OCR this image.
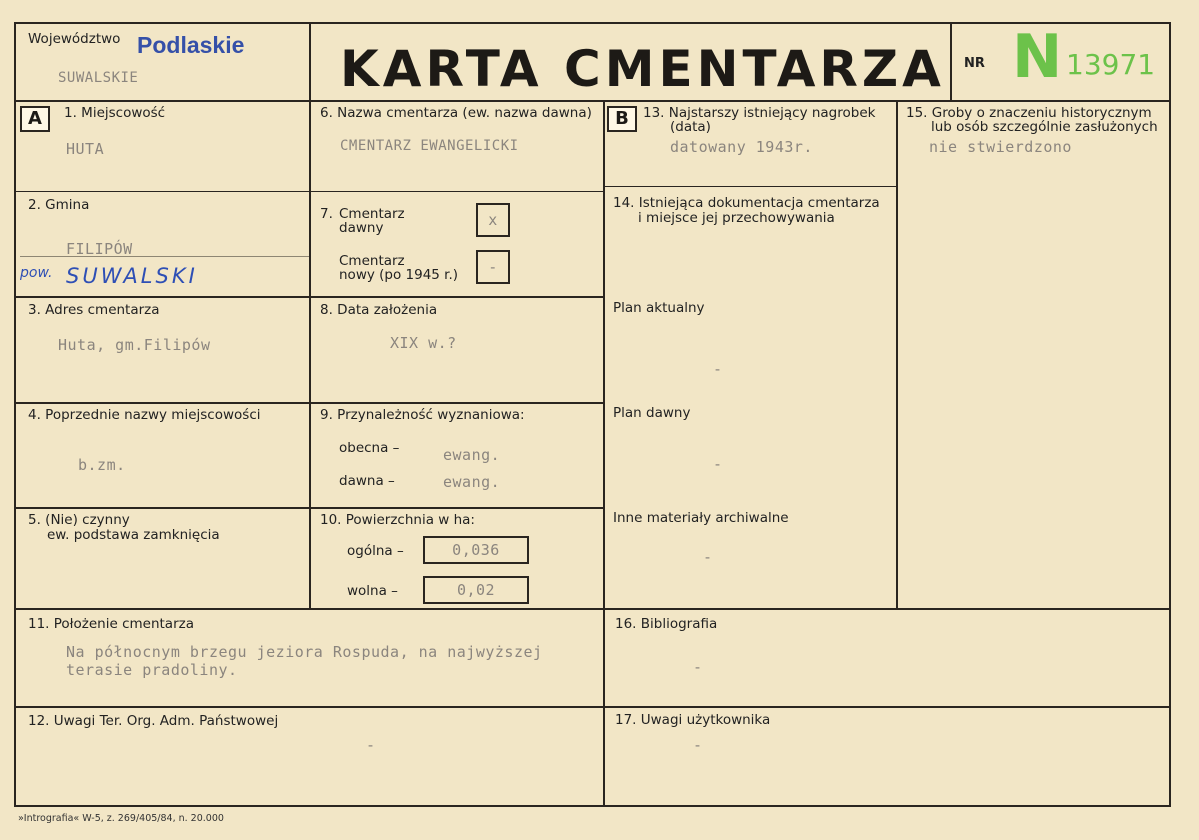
Województwo Podlaskie
SUWALSKIE	KARTA CMENTARZA NR N 13971
A	B
1. Miejscowość
HUTA
2. Gmina
FILIPÓW
pow. SUWALSKI
3. Adres cmentarza
Huta, gm.Filipów
4. Poprzednie nazwy miejscowości
b.zm.
5. (Nie) czynny
ew. podstawa zamknięcia
6. Nazwa cmentarza (ew. nazwa dawna)
CMENTARZ EWANGELICKI
7. Cmentarz
dawny	x
Cmentarz
nowy (po 1945 r.)	-
8. Data założenia
XIX w.?
9. Przynależność wyznaniowa:
obecna –	ewang.
dawna –	ewang.
10. Powierzchnia w ha:
ogólna –	0,036
wolna –	0,02
11. Położenie cmentarza
Na północnym brzegu jeziora Rospuda, na najwyższej
terasie pradoliny.
12. Uwagi Ter. Org. Adm. Państwowej
-
13. Najstarszy istniejący nagrobek
(data)
datowany 1943r.
14. Istniejąca dokumentacja cmentarza
i miejsce jej przechowywania
Plan aktualny
-
Plan dawny
-
Inne materiały archiwalne
-
15. Groby o znaczeniu historycznym
lub osób szczególnie zasłużonych
nie stwierdzono
16. Bibliografia
-
17. Uwagi użytkownika
-
»Intrografia« W-5, z. 269/405/84, n. 20.000
